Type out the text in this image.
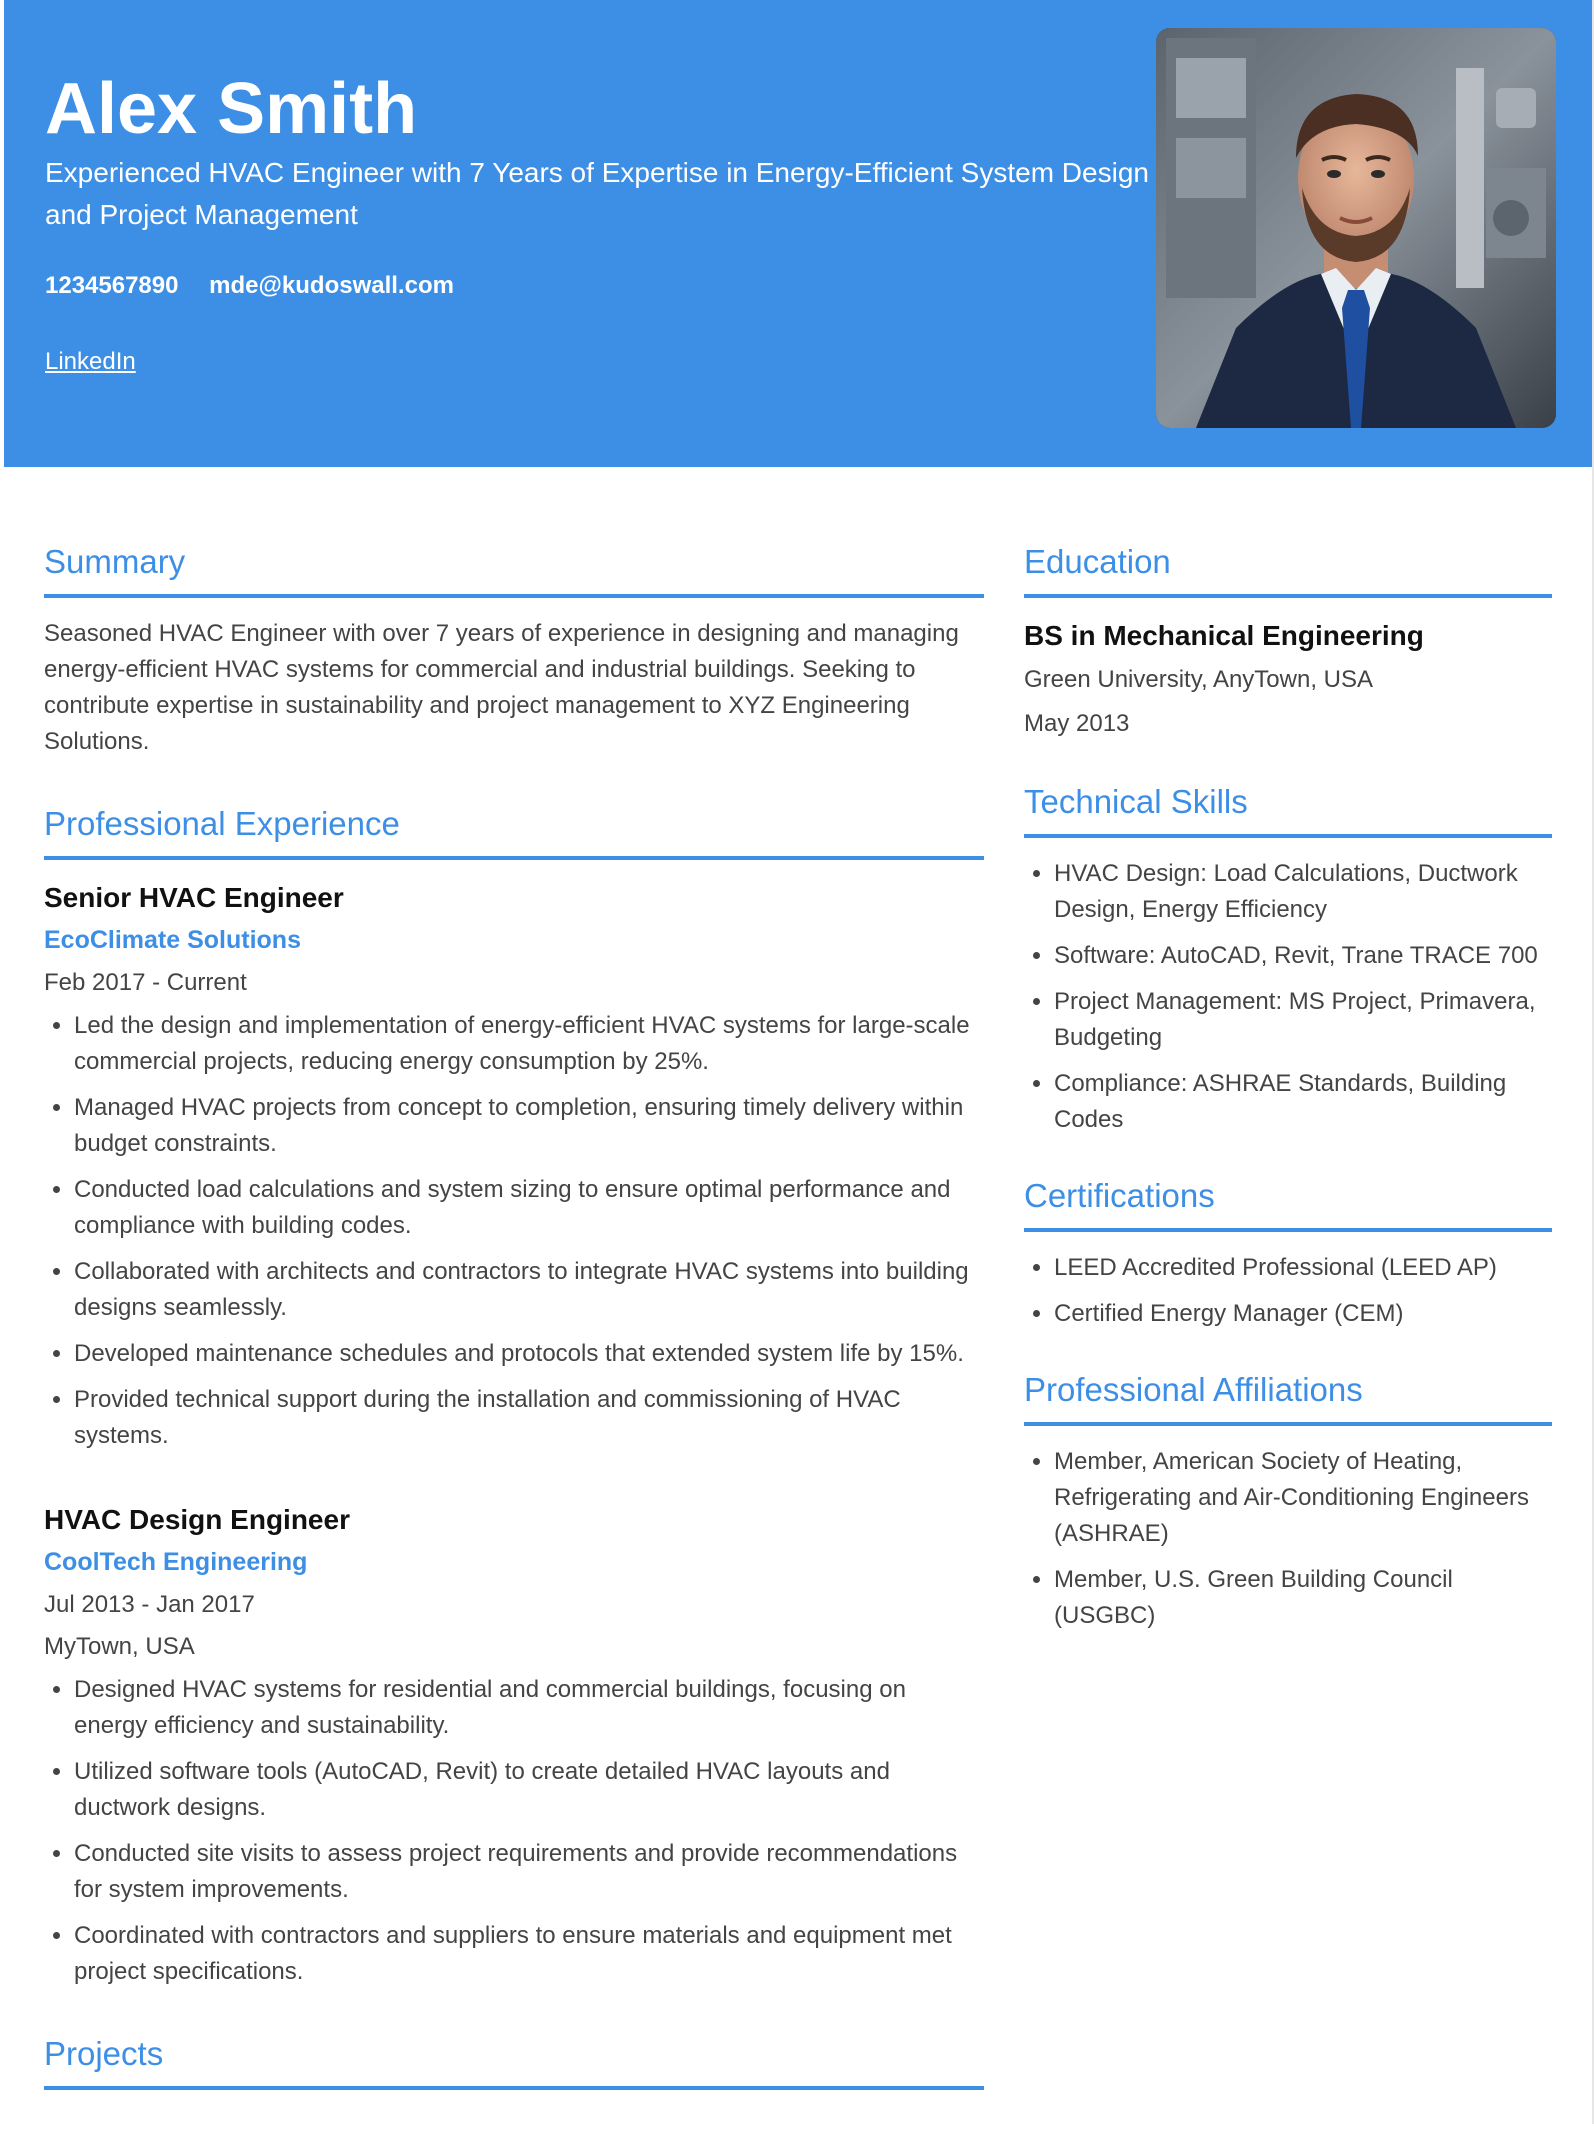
Alex Smith

Experienced HVAC Engineer with 7 Years of Expertise in Energy-Efficient System Design and Project Management

1234567890 mde@kudoswall.com
LinkedIn
Summary

Seasoned HVAC Engineer with over 7 years of experience in designing and managing energy-efficient HVAC systems for commercial and industrial buildings. Seeking to contribute expertise in sustainability and project management to XYZ Engineering Solutions.

Professional Experience

Senior HVAC Engineer

EcoClimate Solutions

Feb 2017 - Current

• Led the design and implementation of energy-efficient HVAC systems for large-scale commercial projects, reducing energy consumption by 25%.
• Managed HVAC projects from concept to completion, ensuring timely delivery within budget constraints.
• Conducted load calculations and system sizing to ensure optimal performance and compliance with building codes.
• Collaborated with architects and contractors to integrate HVAC systems into building designs seamlessly.
• Developed maintenance schedules and protocols that extended system life by 15%.
• Provided technical support during the installation and commissioning of HVAC systems.

HVAC Design Engineer

CoolTech Engineering

Jul 2013 - Jan 2017

MyTown, USA

• Designed HVAC systems for residential and commercial buildings, focusing on energy efficiency and sustainability.
• Utilized software tools (AutoCAD, Revit) to create detailed HVAC layouts and ductwork designs.
• Conducted site visits to assess project requirements and provide recommendations for system improvements.
• Coordinated with contractors and suppliers to ensure materials and equipment met project specifications.
Projects
Education

BS in Mechanical Engineering

Green University, AnyTown, USA

May 2013

Technical Skills
• HVAC Design: Load Calculations, Ductwork Design, Energy Efficiency
• Software: AutoCAD, Revit, Trane TRACE 700
• Project Management: MS Project, Primavera, Budgeting
• Compliance: ASHRAE Standards, Building Codes
Certifications
• LEED Accredited Professional (LEED AP)
• Certified Energy Manager (CEM)
Professional Affiliations
• Member, American Society of Heating, Refrigerating and Air-Conditioning Engineers (ASHRAE)
• Member, U.S. Green Building Council (USGBC)
